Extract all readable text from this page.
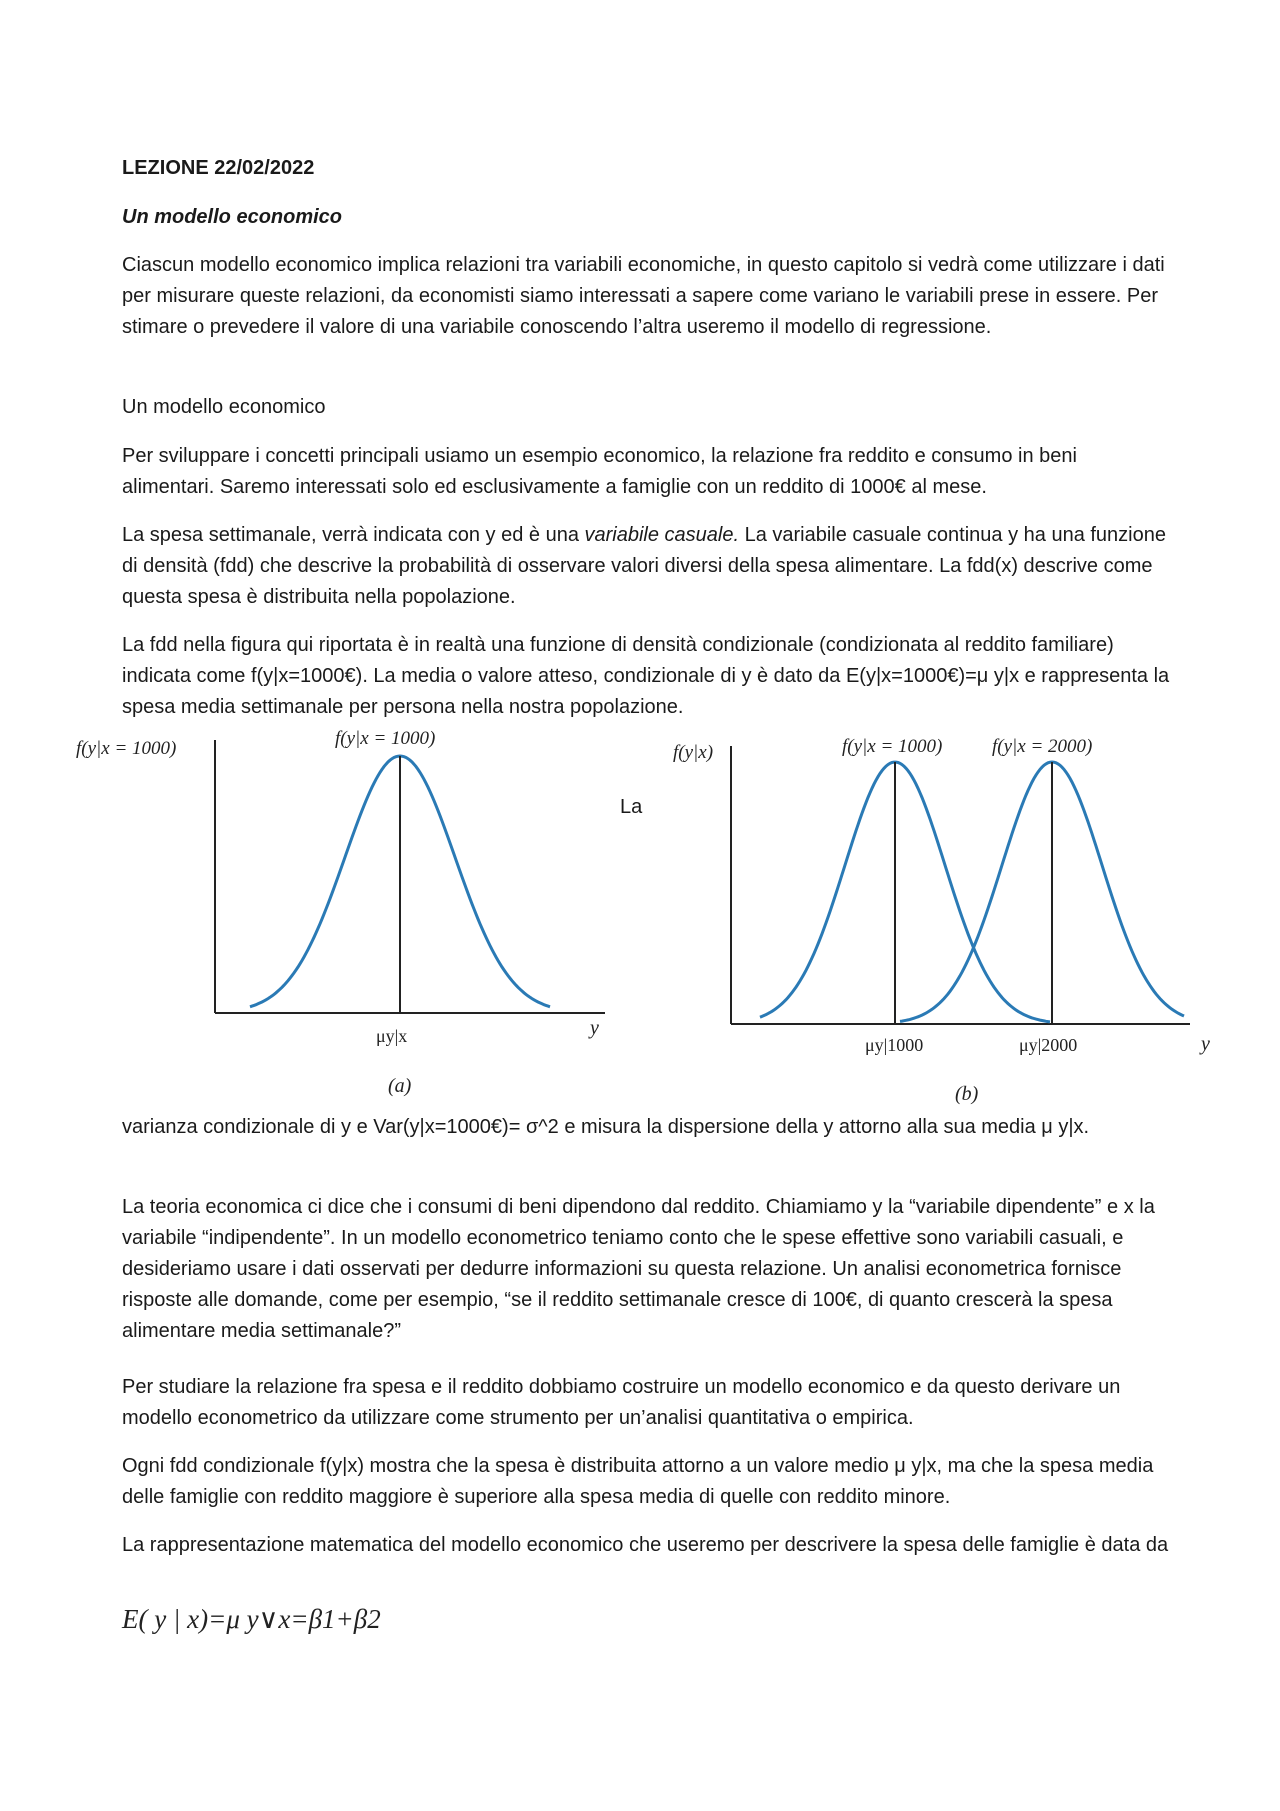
LEZIONE 22/02/2022

Un modello economico

Ciascun modello economico implica relazioni tra variabili economiche, in questo capitolo si vedrà come utilizzare i dati per misurare queste relazioni, da economisti siamo interessati a sapere come variano le variabili prese in essere. Per stimare o prevedere il valore di una variabile conoscendo l’altra useremo il modello di regressione.

Un modello economico

Per sviluppare i concetti principali usiamo un esempio economico, la relazione fra reddito e consumo in beni alimentari. Saremo interessati solo ed esclusivamente a famiglie con un reddito di 1000€ al mese.

La spesa settimanale, verrà indicata con y ed è una variabile casuale. La variabile casuale continua y ha una funzione di densità (fdd) che descrive la probabilità di osservare valori diversi della spesa alimentare. La fdd(x) descrive come questa spesa è distribuita nella popolazione.

La fdd nella figura qui riportata è in realtà una funzione di densità condizionale (condizionata al reddito familiare) indicata come f(y|x=1000€). La media o valore atteso, condizionale di y è dato da E(y|x=1000€)=μ y|x e rappresenta la spesa media settimanale per persona nella nostra popolazione.

f(y|x = 1000)	f(y|x = 1000)
μy|x	y
(a)
La
f(y|x)	f(y|x = 1000)	f(y|x = 2000)
μy|1000	μy|2000	y
(b)

varianza condizionale di y e Var(y|x=1000€)= σ^2 e misura la dispersione della y attorno alla sua media μ y|x.

La teoria economica ci dice che i consumi di beni dipendono dal reddito. Chiamiamo y la “variabile dipendente” e x la variabile “indipendente”. In un modello econometrico teniamo conto che le spese effettive sono variabili casuali, e desideriamo usare i dati osservati per dedurre informazioni su questa relazione. Un analisi econometrica fornisce risposte alle domande, come per esempio, “se il reddito settimanale cresce di 100€, di quanto crescerà la spesa alimentare media settimanale?”

Per studiare la relazione fra spesa e il reddito dobbiamo costruire un modello economico e da questo derivare un modello econometrico da utilizzare come strumento per un’analisi quantitativa o empirica.

Ogni fdd condizionale f(y|x) mostra che la spesa è distribuita attorno a un valore medio μ y|x, ma che la spesa media delle famiglie con reddito maggiore è superiore alla spesa media di quelle con reddito minore.

La rappresentazione matematica del modello economico che useremo per descrivere la spesa delle famiglie è data da

E( y | x)=μ y∨x=β1+β2
